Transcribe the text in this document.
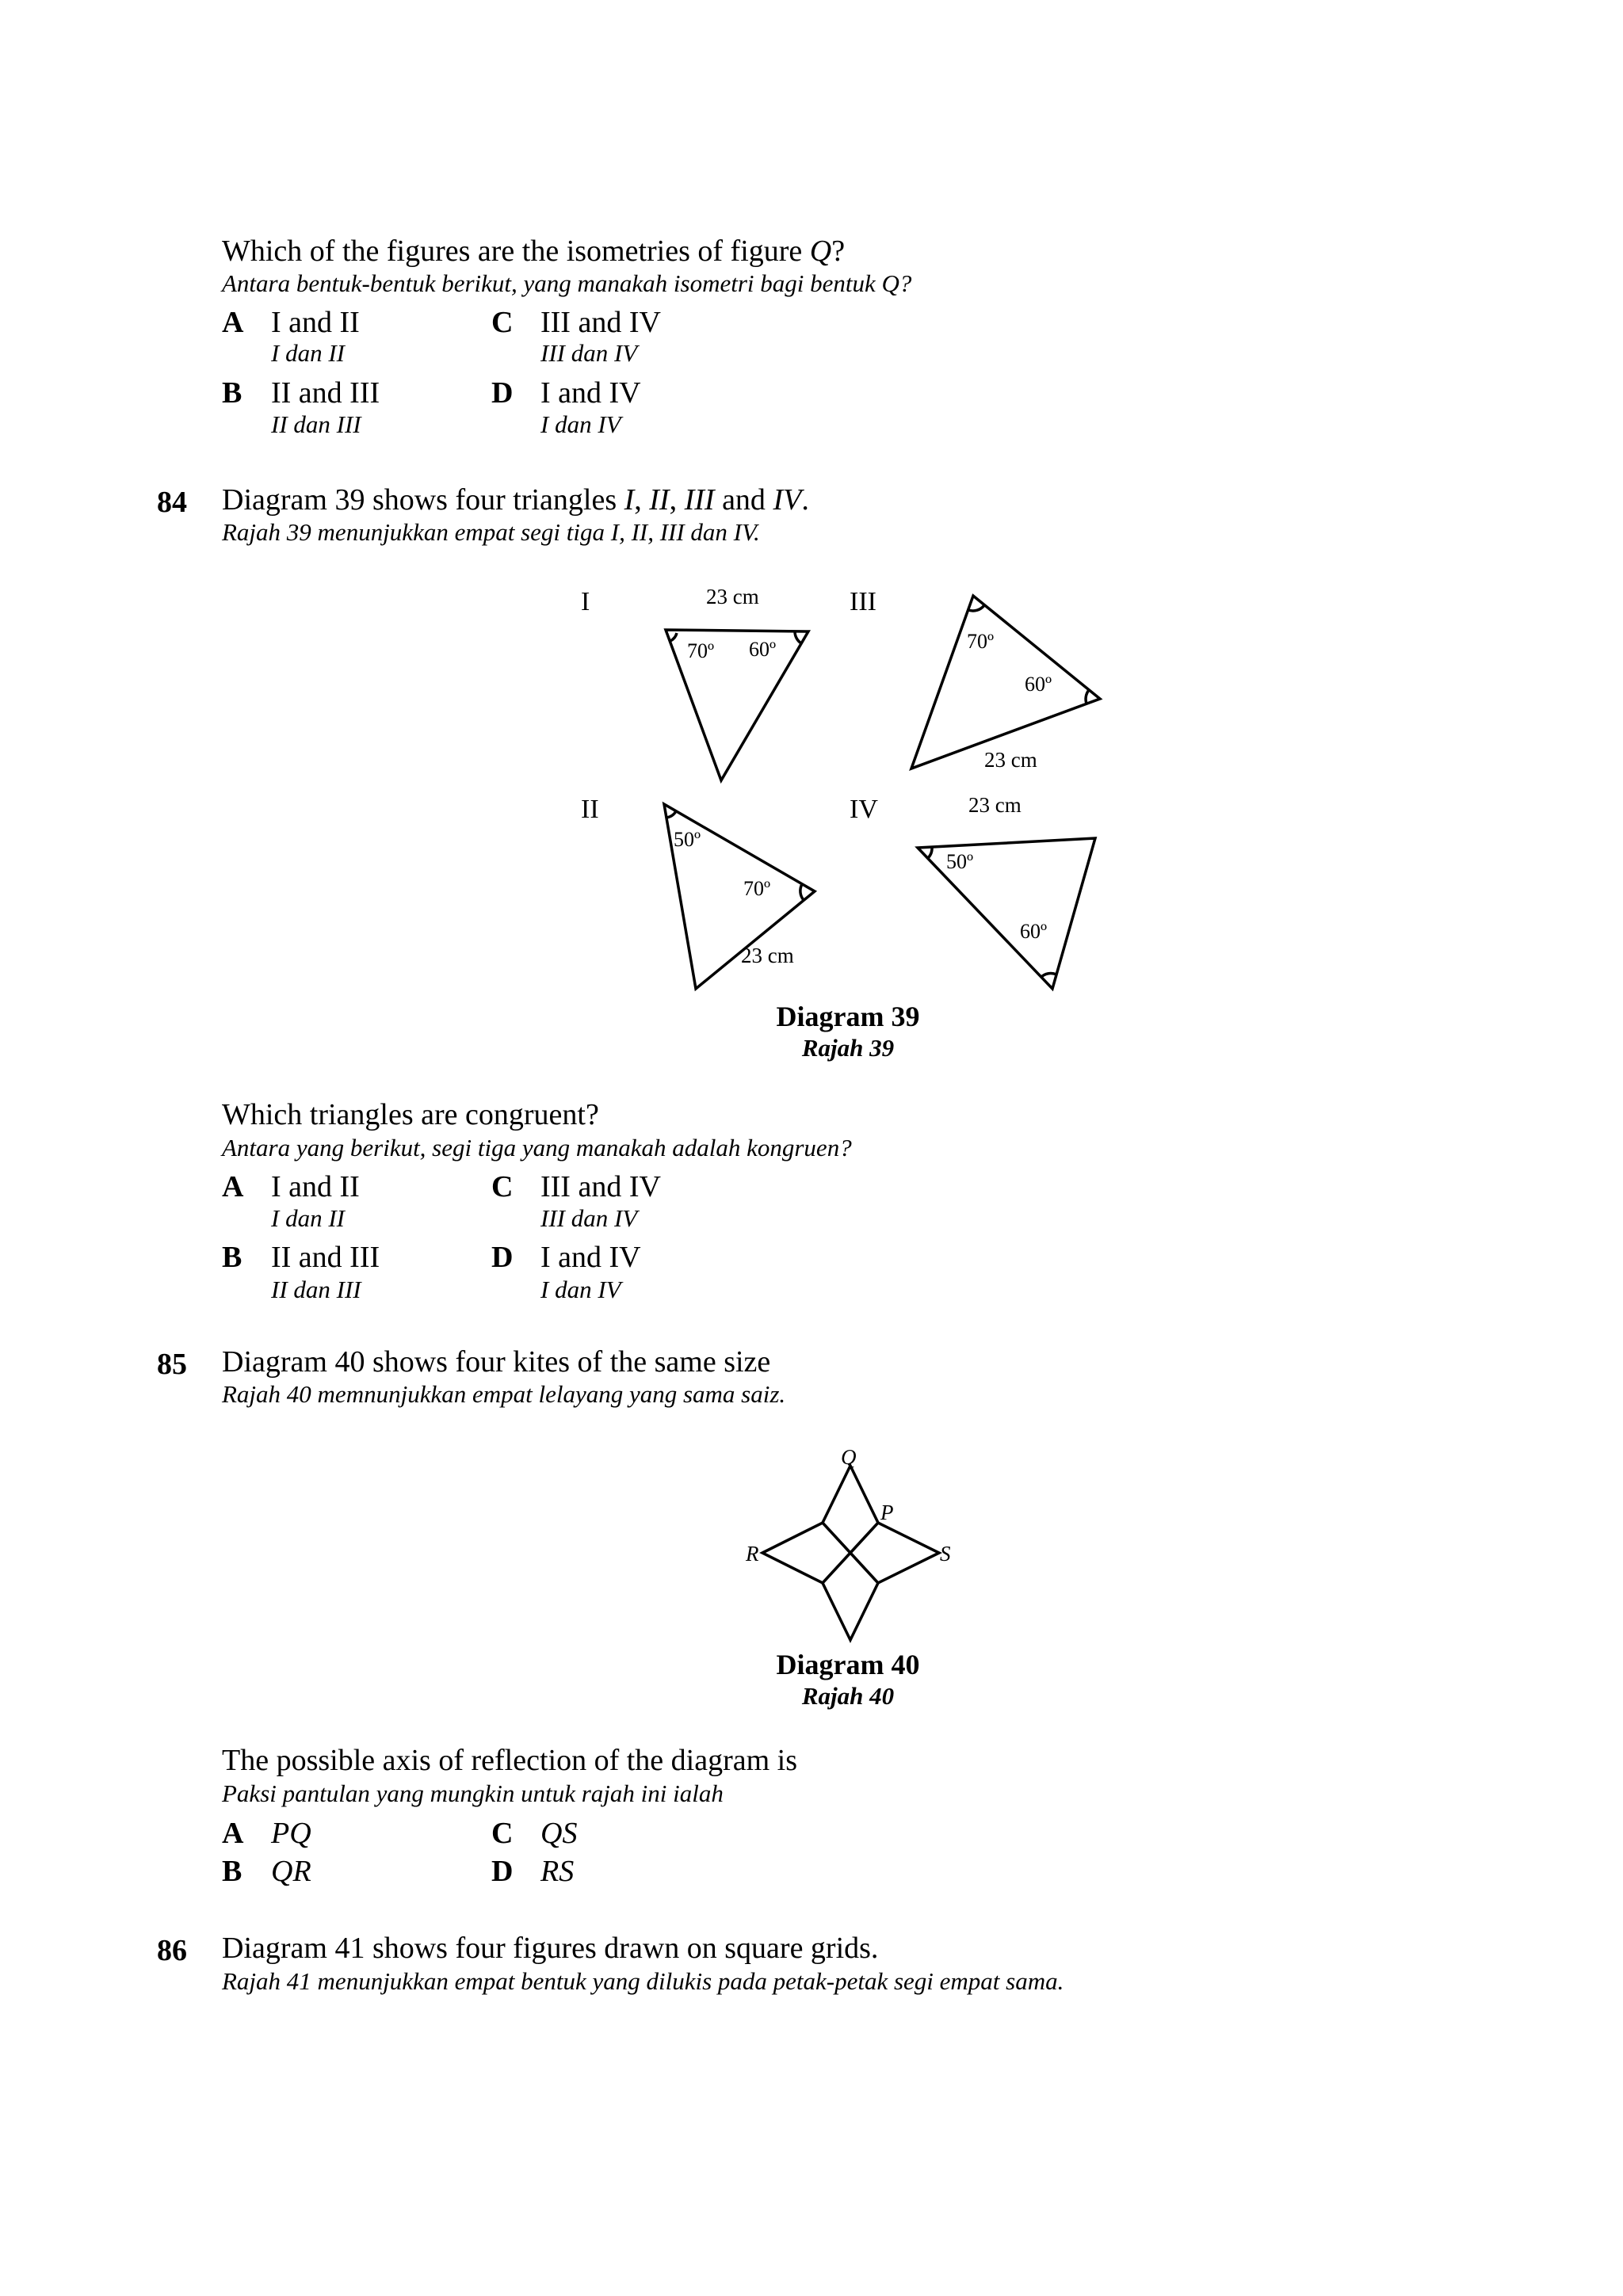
Which of the figures are the isometries of figure Q?
Antara bentuk-bentuk berikut, yang manakah isometri bagi bentuk Q?
A I and II
I dan II
B II and III
II dan III
C III and IV
III dan IV
D I and IV
I dan IV
84 Diagram 39 shows four triangles I, II, III and IV.
Rajah 39 menunjukkan empat segi tiga I, II, III dan IV.
I	III
II	IV
23 cm
70º 60º	70º
60º
23 cm
50º
70º
23 cm
23 cm
50º
60º
Diagram 39
Rajah 39
Which triangles are congruent?
Antara yang berikut, segi tiga yang manakah adalah kongruen?
A I and II
I dan II
B II and III
II dan III
C III and IV
III dan IV
D I and IV
I dan IV
85 Diagram 40 shows four kites of the same size
Rajah 40 memnunjukkan empat lelayang yang sama saiz.
Q
P
R	S
Diagram 40
Rajah 40
The possible axis of reflection of the diagram is
Paksi pantulan yang mungkin untuk rajah ini ialah
A PQ
B QR
C QS
D RS
86 Diagram 41 shows four figures drawn on square grids.
Rajah 41 menunjukkan empat bentuk yang dilukis pada petak-petak segi empat sama.
